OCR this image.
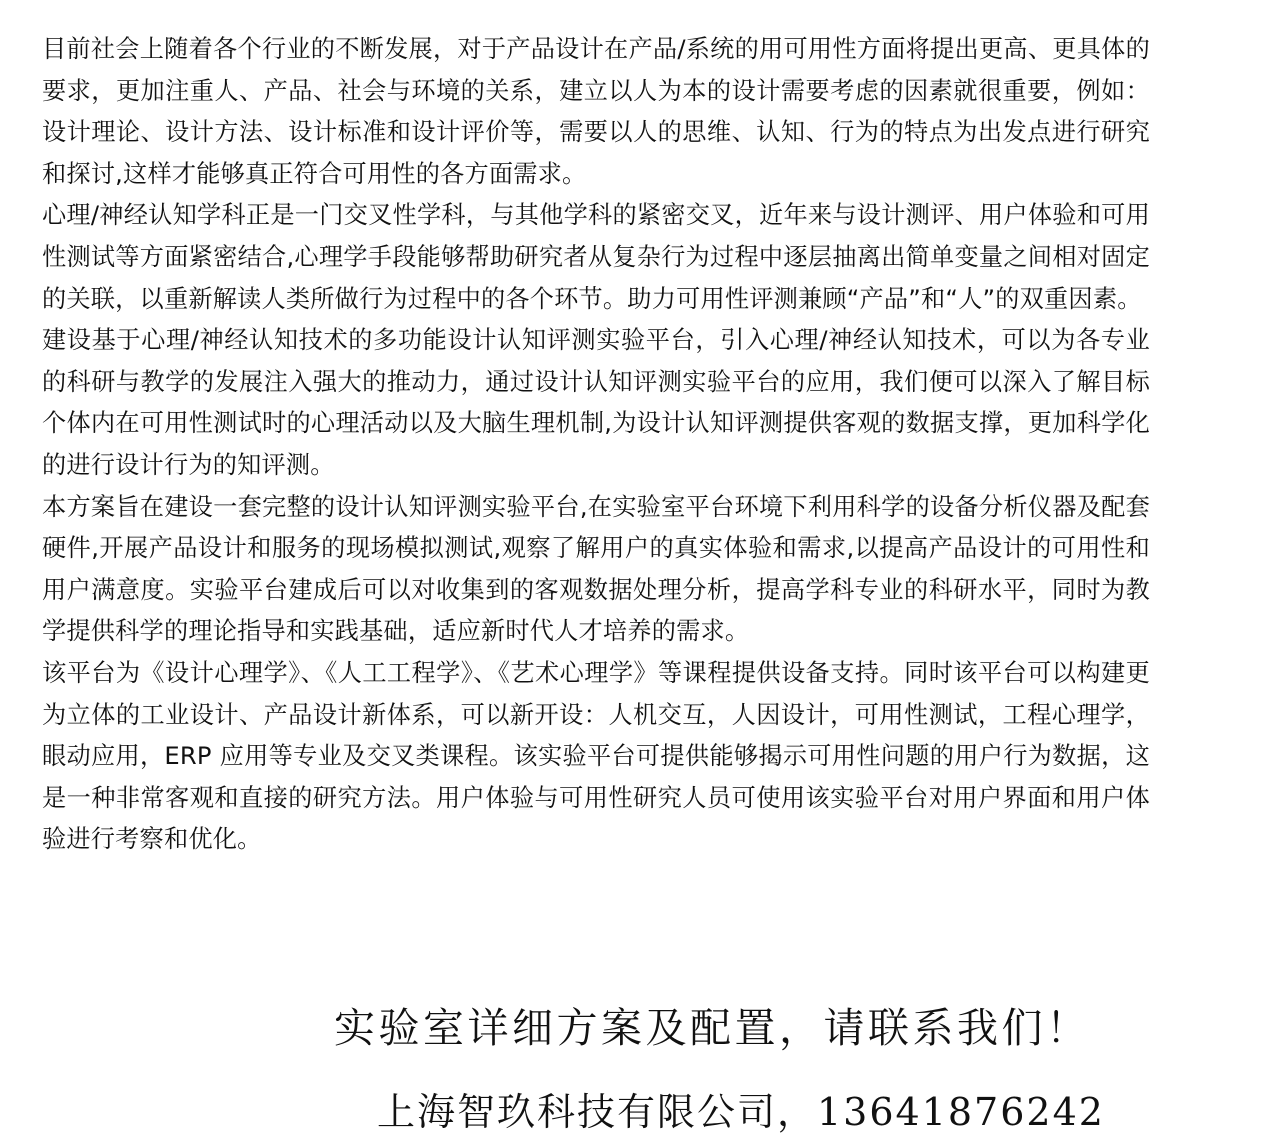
目前社会上随着各个行业的不断发展，对于产品设计在产品/系统的用可用性方面将提出更高、更具体的要求，更加注重人、产品、社会与环境的关系，建立以人为本的设计需要考虑的因素就很重要，例如：设计理论、设计方法、设计标准和设计评价等，需要以人的思维、认知、行为的特点为出发点进行研究和探讨,这样才能够真正符合可用性的各方面需求。

心理/神经认知学科正是一门交叉性学科，与其他学科的紧密交叉，近年来与设计测评、用户体验和可用性测试等方面紧密结合,心理学手段能够帮助研究者从复杂行为过程中逐层抽离出简单变量之间相对固定的关联，以重新解读人类所做行为过程中的各个环节。助力可用性评测兼顾“产品”和“人”的双重因素。

建设基于心理/神经认知技术的多功能设计认知评测实验平台，引入心理/神经认知技术，可以为各专业的科研与教学的发展注入强大的推动力，通过设计认知评测实验平台的应用，我们便可以深入了解目标个体内在可用性测试时的心理活动以及大脑生理机制,为设计认知评测提供客观的数据支撑，更加科学化的进行设计行为的知评测。

本方案旨在建设一套完整的设计认知评测实验平台,在实验室平台环境下利用科学的设备分析仪器及配套硬件,开展产品设计和服务的现场模拟测试,观察了解用户的真实体验和需求,以提高产品设计的可用性和用户满意度。实验平台建成后可以对收集到的客观数据处理分析，提高学科专业的科研水平，同时为教学提供科学的理论指导和实践基础，适应新时代人才培养的需求。

该平台为《设计心理学》、《人工工程学》、《艺术心理学》等课程提供设备支持。同时该平台可以构建更为立体的工业设计、产品设计新体系，可以新开设：人机交互，人因设计，可用性测试，工程心理学，眼动应用，ERP 应用等专业及交叉类课程。该实验平台可提供能够揭示可用性问题的用户行为数据，这是一种非常客观和直接的研究方法。用户体验与可用性研究人员可使用该实验平台对用户界面和用户体验进行考察和优化。

实验室详细方案及配置，请联系我们！
上海智玖科技有限公司，13641876242
